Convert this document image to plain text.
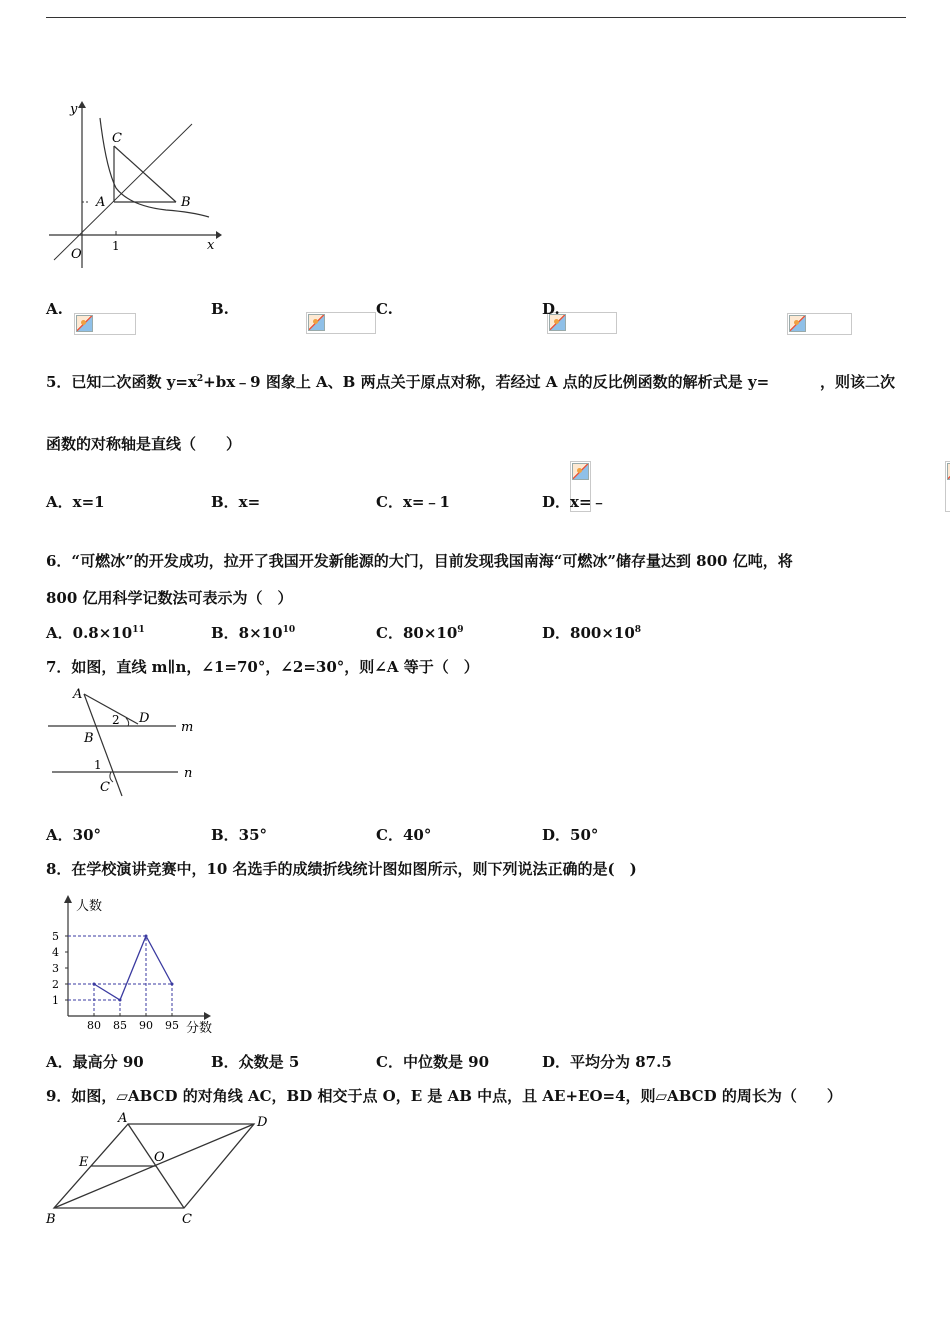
y
x
O
C
A	B
1
A.
	B.
	C.
	D.

5．已知二次函数 $y=x^2+bx﹣9$ 图象上 A、B 两点关于原点对称，若经过 A 点的反比例函数的解析式是 y=
	，则该二次
函数的对称轴是直线（　　）
A．x=1	B．x=
	C．x=﹣1	D．x=﹣
6．“可燃冰”的开发成功，拉开了我国开发新能源的大门，目前发现我国南海“可燃冰”储存量达到 800 亿吨，将
800 亿用科学记数法可表示为（　）
A．$0.8\times 10^{11}$	B．$8\times 10^{10}$	C．$80\times 10^9$	D．$800\times 10^8$
7．如图，直线 m∥n，∠1=70°，∠2=30°，则∠A 等于（　）
A
B
C
D
m
n
1
2
A．30°	B．35°	C．40°	D．50°
8．在学校演讲竞赛中，10 名选手的成绩折线统计图如图所示，则下列说法正确的是(　)
人数
分数
1
2
3
4
5
80 85 90 95
A．最高分 90	B．众数是 5	C．中位数是 90	D．平均分为 87.5
9．如图，▱ABCD 的对角线 AC，BD 相交于点 O，E 是 AB 中点，且 AE+EO=4，则▱ABCD 的周长为（　　）
A
B	C
D
E	O
